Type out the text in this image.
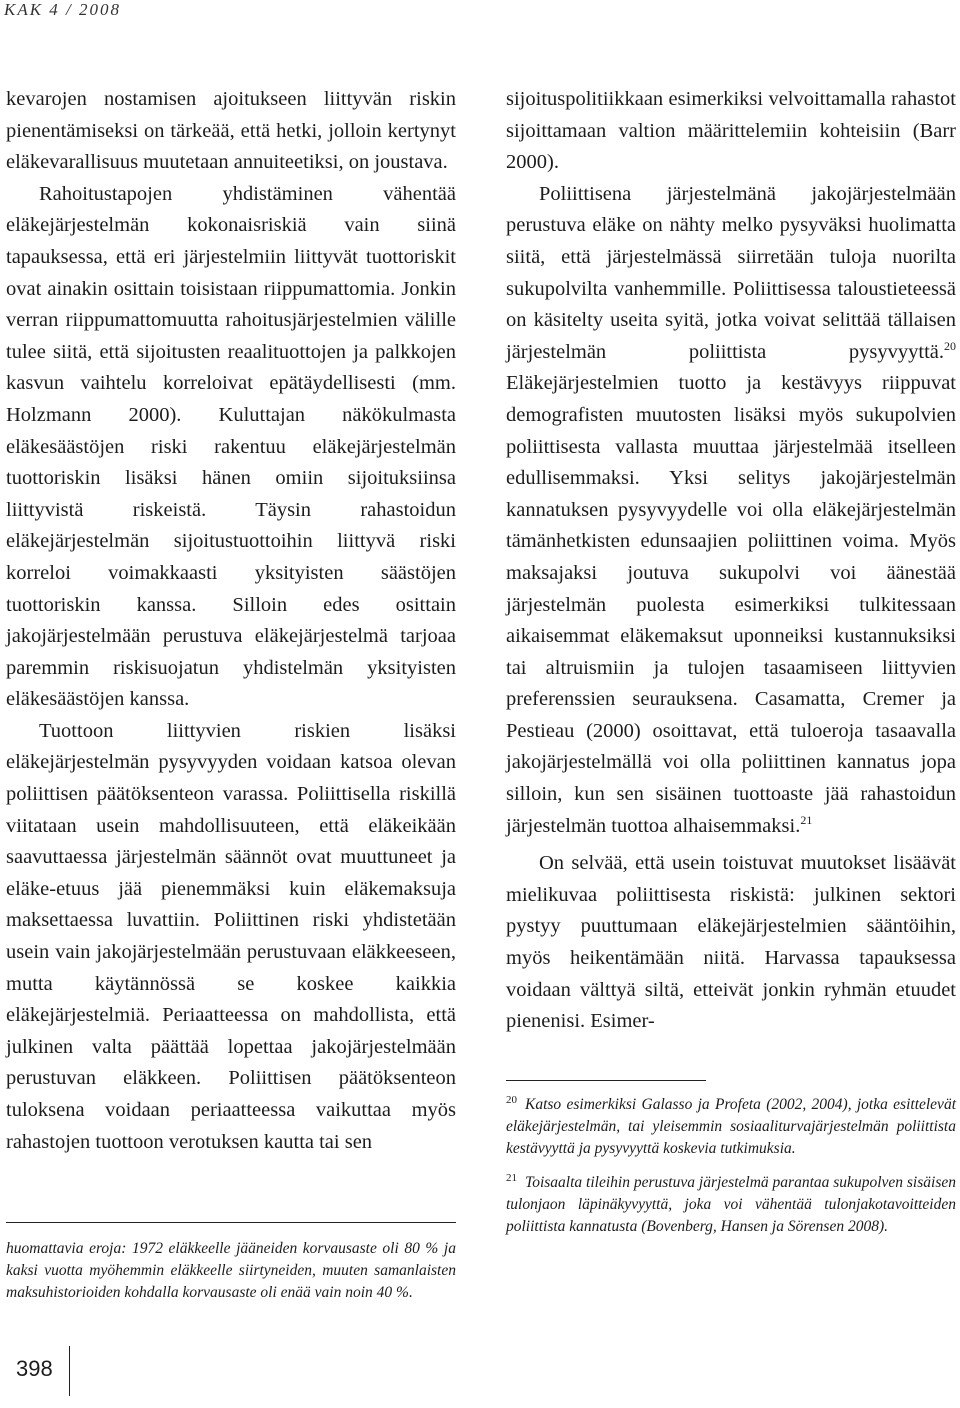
KAK 4 / 2008

kevarojen nostamisen ajoitukseen liittyvän riskin pienentämiseksi on tärkeää, että hetki, jolloin kertynyt eläkevarallisuus muutetaan annuiteetiksi, on joustava.

Rahoitustapojen yhdistäminen vähentää eläkejärjestelmän kokonaisriskiä vain siinä tapauksessa, että eri järjestelmiin liittyvät tuottoriskit ovat ainakin osittain toisistaan riippumattomia. Jonkin verran riippumattomuutta rahoitusjärjestelmien välille tulee siitä, että sijoitusten reaalituottojen ja palkkojen kasvun vaihtelu korreloivat epätäydellisesti (mm. Holzmann 2000). Kuluttajan näkökulmasta eläkesäästöjen riski rakentuu eläkejärjestelmän tuottoriskin lisäksi hänen omiin sijoituksiinsa liittyvistä riskeistä. Täysin rahastoidun eläkejärjestelmän sijoitustuottoihin liittyvä riski korreloi voimakkaasti yksityisten säästöjen tuottoriskin kanssa. Silloin edes osittain jakojärjestelmään perustuva eläkejärjestelmä tarjoaa paremmin riskisuojatun yhdistelmän yksityisten eläkesäästöjen kanssa.

Tuottoon liittyvien riskien lisäksi eläkejärjestelmän pysyvyyden voidaan katsoa olevan poliittisen päätöksenteon varassa. Poliittisella riskillä viitataan usein mahdollisuuteen, että eläkeikään saavuttaessa järjestelmän säännöt ovat muuttuneet ja eläke-etuus jää pienemmäksi kuin eläkemaksuja maksettaessa luvattiin. Poliittinen riski yhdistetään usein vain jakojärjestelmään perustuvaan eläkkeeseen, mutta käytännössä se koskee kaikkia eläkejärjestelmiä. Periaatteessa on mahdollista, että julkinen valta päättää lopettaa jakojärjestelmään perustuvan eläkkeen. Poliittisen päätöksenteon tuloksena voidaan periaatteessa vaikuttaa myös rahastojen tuottoon verotuksen kautta tai sen

huomattavia eroja: 1972 eläkkeelle jääneiden korvausaste oli 80 % ja kaksi vuotta myöhemmin eläkkeelle siirtyneiden, muuten samanlaisten maksuhistorioiden kohdalla korvausaste oli enää vain noin 40 %.

sijoituspolitiikkaan esimerkiksi velvoittamalla rahastot sijoittamaan valtion määrittelemiin kohteisiin (Barr 2000).

Poliittisena järjestelmänä jakojärjestelmään perustuva eläke on nähty melko pysyväksi huolimatta siitä, että järjestelmässä siirretään tuloja nuorilta sukupolvilta vanhemmille. Poliittisessa taloustieteessä on käsitelty useita syitä, jotka voivat selittää tällaisen järjestelmän poliittista pysyvyyttä.$^{20}$ Eläkejärjestelmien tuotto ja kestävyys riippuvat demografisten muutosten lisäksi myös sukupolvien poliittisesta vallasta muuttaa järjestelmää itselleen edullisemmaksi. Yksi selitys jakojärjestelmän kannatuksen pysyvyydelle voi olla eläkejärjestelmän tämänhetkisten edunsaajien poliittinen voima. Myös maksajaksi joutuva sukupolvi voi äänestää järjestelmän puolesta esimerkiksi tulkitessaan aikaisemmat eläkemaksut uponneiksi kustannuksiksi tai altruismiin ja tulojen tasaamiseen liittyvien preferenssien seurauksena. Casamatta, Cremer ja Pestieau (2000) osoittavat, että tuloeroja tasaavalla jakojärjestelmällä voi olla poliittinen kannatus jopa silloin, kun sen sisäinen tuottoaste jää rahastoidun järjestelmän tuottoa alhaisemmaksi.$^{21}$

On selvää, että usein toistuvat muutokset lisäävät mielikuvaa poliittisesta riskistä: julkinen sektori pystyy puuttumaan eläkejärjestelmien sääntöihin, myös heikentämään niitä. Harvassa tapauksessa voidaan välttyä siltä, etteivät jonkin ryhmän etuudet pienenisi. Esimer-

$^{20}$ Katso esimerkiksi Galasso ja Profeta (2002, 2004), jotka esittelevät eläkejärjestelmän, tai yleisemmin sosiaaliturvajärjestelmän poliittista kestävyyttä ja pysyvyyttä koskevia tutkimuksia.

$^{21}$ Toisaalta tileihin perustuva järjestelmä parantaa sukupolven sisäisen tulonjaon läpinäkyvyyttä, joka voi vähentää tulonjakotavoitteiden poliittista kannatusta (Bovenberg, Hansen ja Sörensen 2008).

398
